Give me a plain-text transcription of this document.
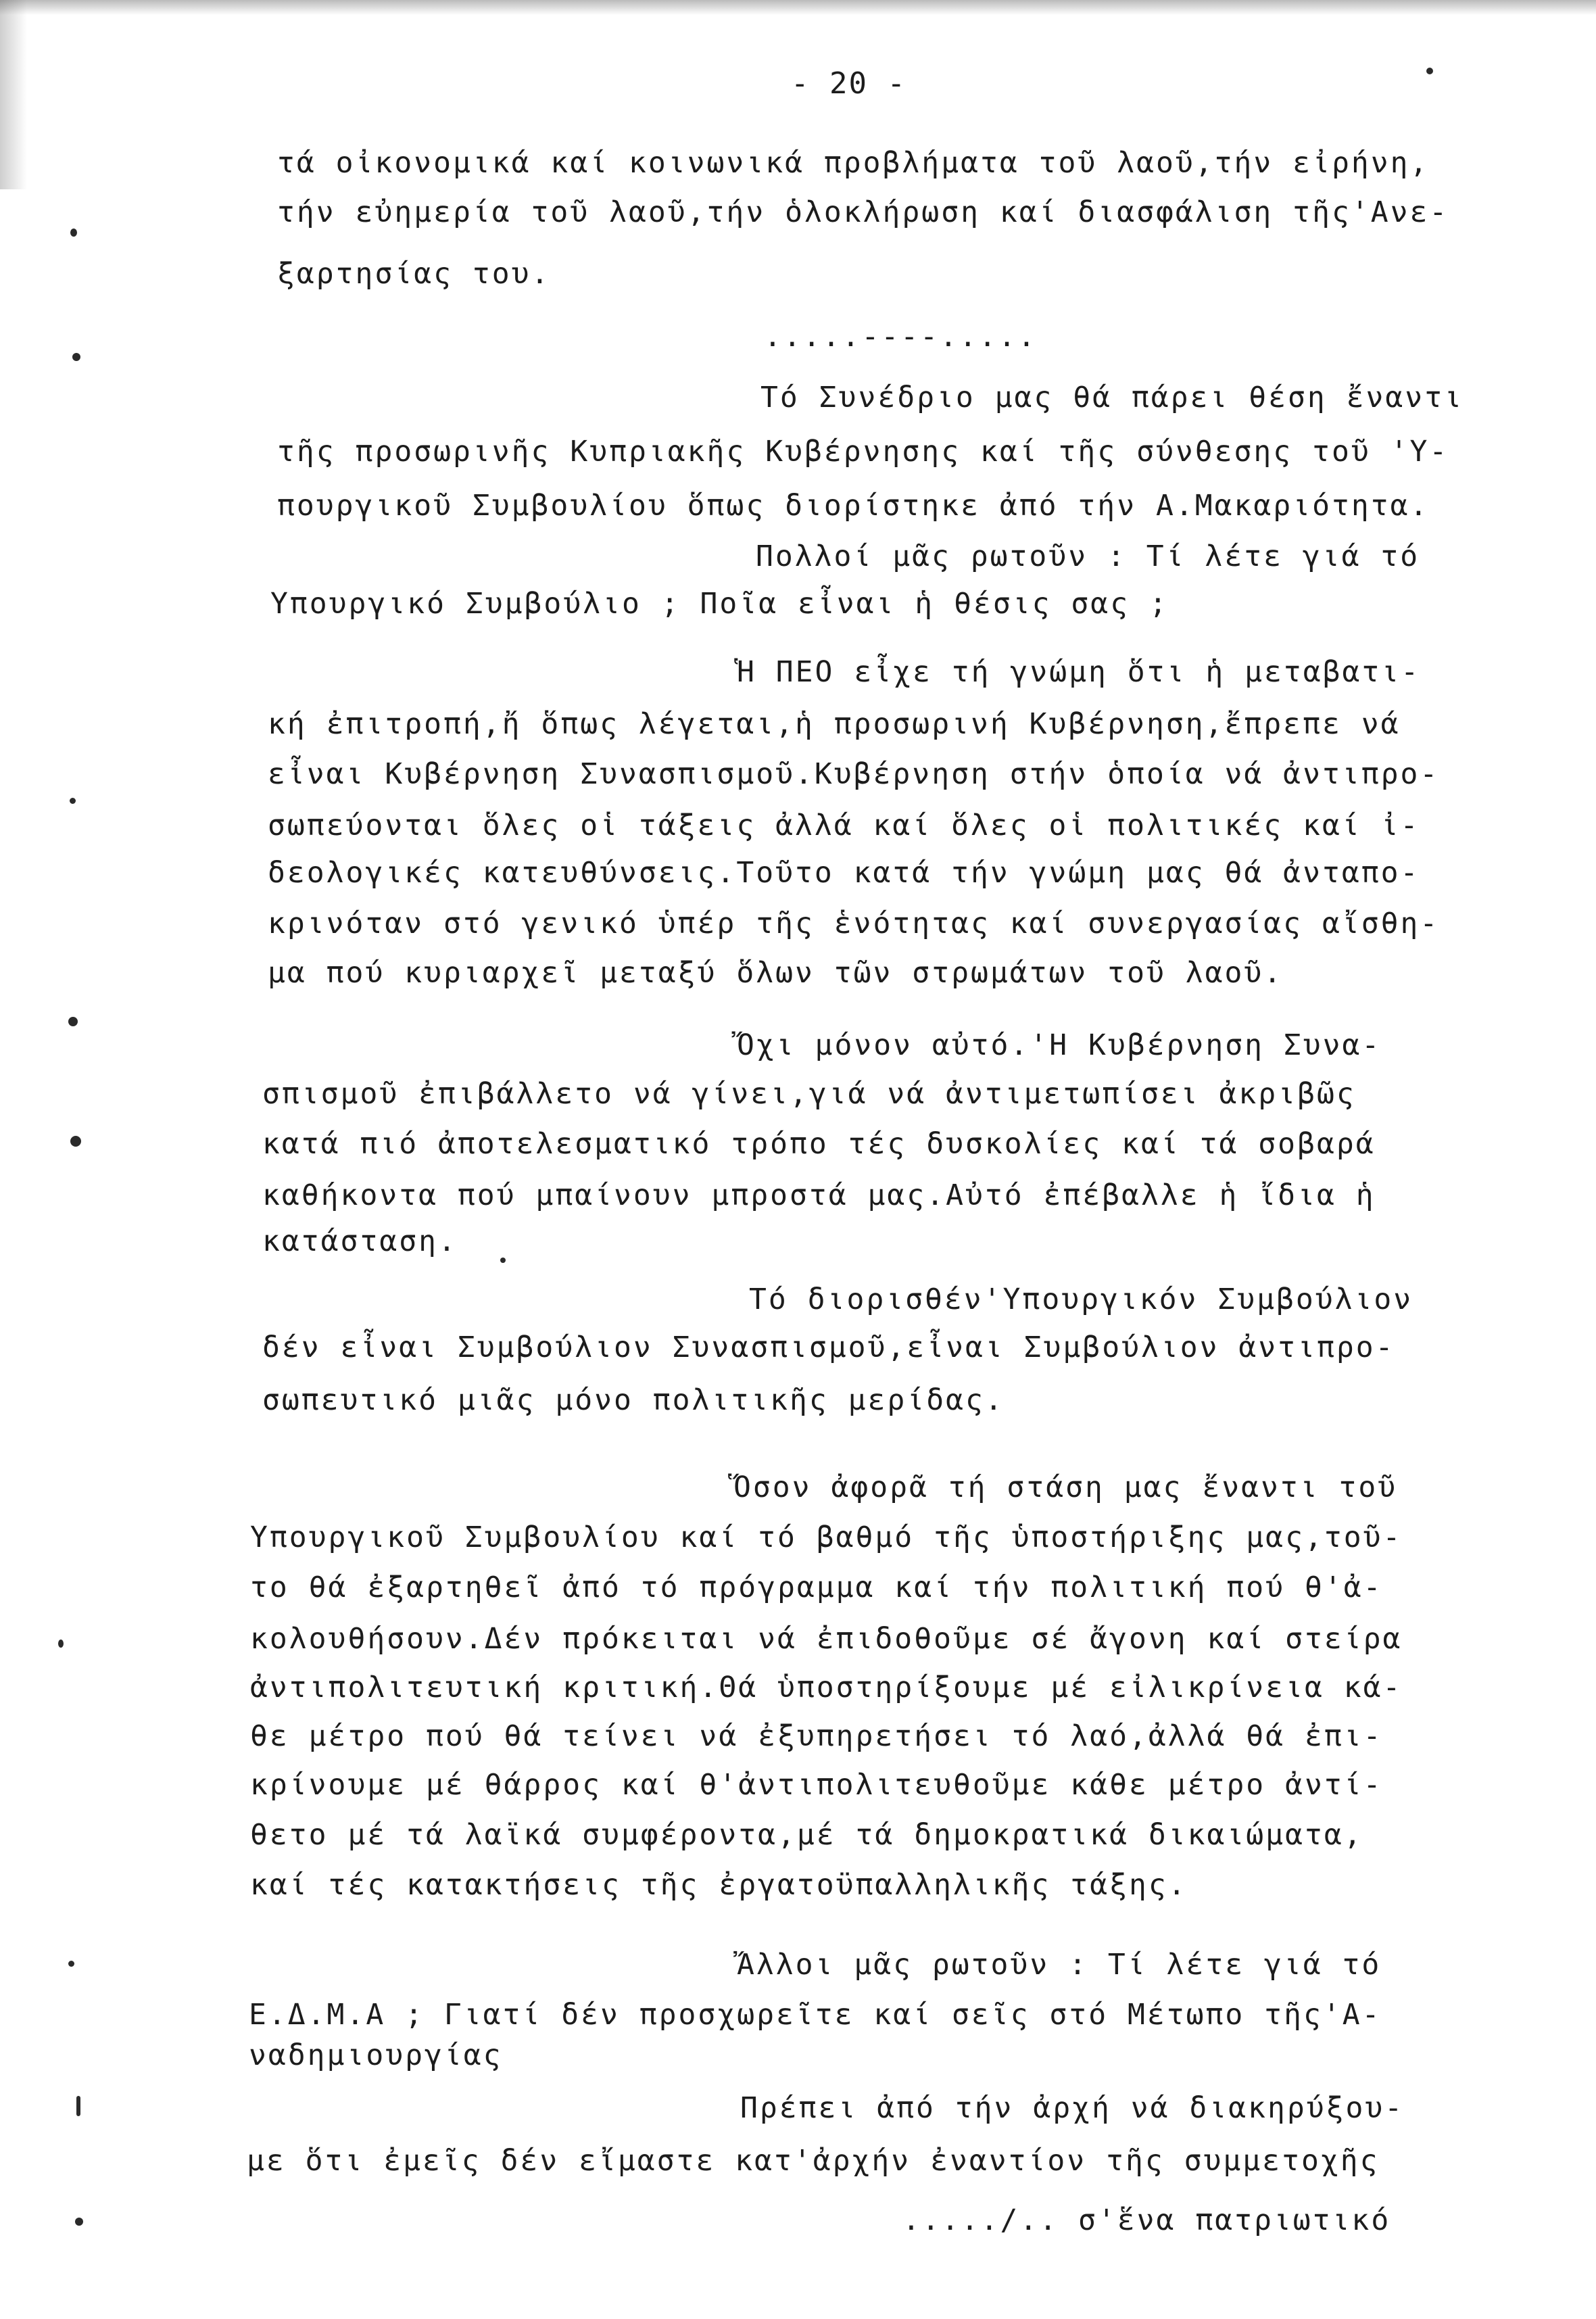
- 20 -
τά οἰκονομικά καί κοινωνικά προβλήματα τοῦ λαοῦ,τήν εἰρήνη,
τήν εὐημερία τοῦ λαοῦ,τήν ὁλοκλήρωση καί διασφάλιση τῆς'Ανε-
ξαρτησίας του.
.....----.....
Τό Συνέδριο μας θά πάρει θέση ἔναντι
τῆς προσωρινῆς Κυπριακῆς Κυβέρνησης καί τῆς σύνθεσης τοῦ 'Υ-
πουργικοῦ Συμβουλίου ὅπως διορίστηκε ἀπό τήν Α.Μακαριότητα.
Πολλοί μᾶς ρωτοῦν : Τί λέτε γιά τό
Υπουργικό Συμβούλιο ; Ποῖα εἶναι ἡ θέσις σας ;
Ἡ ΠΕΟ εἶχε τή γνώμη ὅτι ἡ μεταβατι-
κή ἐπιτροπή,ἤ ὅπως λέγεται,ἡ προσωρινή Κυβέρνηση,ἔπρεπε νά
εἶναι Κυβέρνηση Συνασπισμοῦ.Κυβέρνηση στήν ὁποία νά ἀντιπρο-
σωπεύονται ὅλες οἱ τάξεις ἀλλά καί ὅλες οἱ πολιτικές καί ἰ-
δεολογικές κατευθύνσεις.Τοῦτο κατά τήν γνώμη μας θά ἀνταπο-
κρινόταν στό γενικό ὑπέρ τῆς ἑνότητας καί συνεργασίας αἴσθη-
μα πού κυριαρχεῖ μεταξύ ὅλων τῶν στρωμάτων τοῦ λαοῦ.
Ὄχι μόνον αὐτό.'Η Κυβέρνηση Συνα-
σπισμοῦ ἐπιβάλλετο νά γίνει,γιά νά ἀντιμετωπίσει ἀκριβῶς
κατά πιό ἀποτελεσματικό τρόπο τές δυσκολίες καί τά σοβαρά
καθήκοντα πού μπαίνουν μπροστά μας.Αὐτό ἐπέβαλλε ἡ ἴδια ἡ
κατάσταση.
Τό διορισθέν'Υπουργικόν Συμβούλιον
δέν εἶναι Συμβούλιον Συνασπισμοῦ,εἶναι Συμβούλιον ἀντιπρο-
σωπευτικό μιᾶς μόνο πολιτικῆς μερίδας.
Ὅσον ἀφορᾶ τή στάση μας ἔναντι τοῦ
Υπουργικοῦ Συμβουλίου καί τό βαθμό τῆς ὑποστήριξης μας,τοῦ-
το θά ἐξαρτηθεῖ ἀπό τό πρόγραμμα καί τήν πολιτική πού θ'ἀ-
κολουθήσουν.Δέν πρόκειται νά ἐπιδοθοῦμε σέ ἄγονη καί στείρα
ἀντιπολιτευτική κριτική.Θά ὑποστηρίξουμε μέ εἰλικρίνεια κά-
θε μέτρο πού θά τείνει νά ἐξυπηρετήσει τό λαό,ἀλλά θά ἐπι-
κρίνουμε μέ θάρρος καί θ'ἀντιπολιτευθοῦμε κάθε μέτρο ἀντί-
θετο μέ τά λαϊκά συμφέροντα,μέ τά δημοκρατικά δικαιώματα,
καί τές κατακτήσεις τῆς ἐργατοϋπαλληλικῆς τάξης.
Ἄλλοι μᾶς ρωτοῦν : Τί λέτε γιά τό
Ε.Δ.Μ.Α ; Γιατί δέν προσχωρεῖτε καί σεῖς στό Μέτωπο τῆς'Α-
ναδημιουργίας
Πρέπει ἀπό τήν ἀρχή νά διακηρύξου-
με ὅτι ἐμεῖς δέν εἴμαστε κατ'ἀρχήν ἐναντίον τῆς συμμετοχῆς
...../.. σ'ἕνα πατριωτικό
